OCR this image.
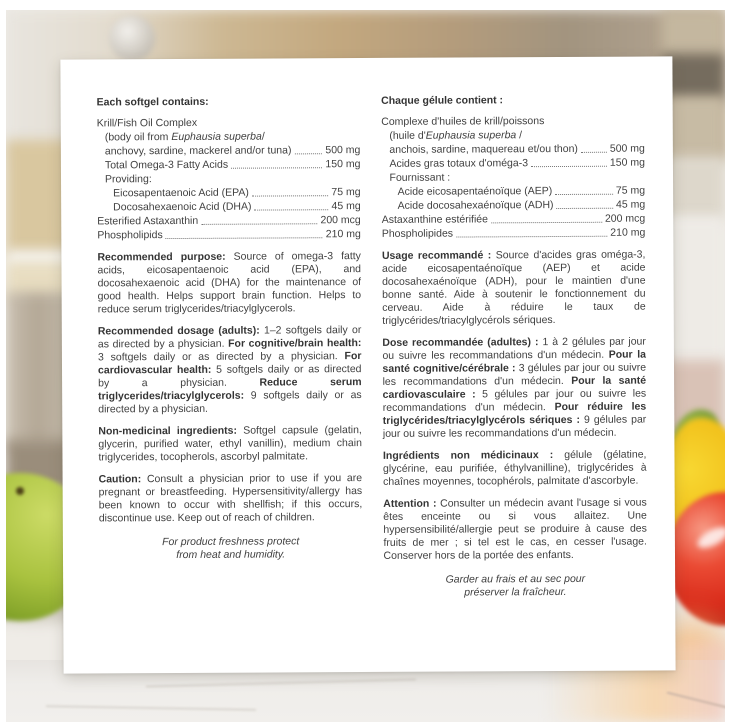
Each softgel contains:
Krill/Fish Oil Complex
(body oil from Euphausia superba/
anchovy, sardine, mackerel and/or tuna)	500 mg
Total Omega-3 Fatty Acids	150 mg
Providing:
Eicosapentaenoic Acid (EPA)	75 mg
Docosahexaenoic Acid (DHA)	45 mg
Esterified Astaxanthin	200 mcg
Phospholipids	210 mg

Recommended purpose: Source of omega-3 fatty acids, eicosapentaenoic acid (EPA), and docosahexaenoic acid (DHA) for the maintenance of good health. Helps support brain function. Helps to reduce serum triglycerides/triacylglycerols.

Recommended dosage (adults): 1–2 softgels daily or as directed by a physician. For cognitive/brain health: 3 softgels daily or as directed by a physician. For cardiovascular health: 5 softgels daily or as directed by a physician. Reduce serum triglycerides/triacylglycerols: 9 softgels daily or as directed by a physician.

Non-medicinal ingredients: Softgel capsule (gelatin, glycerin, purified water, ethyl vanillin), medium chain triglycerides, tocopherols, ascorbyl palmitate.

Caution: Consult a physician prior to use if you are pregnant or breastfeeding. Hypersensitivity/allergy has been known to occur with shellfish; if this occurs, discontinue use. Keep out of reach of children.

For product freshness protect
from heat and humidity.
Chaque gélule contient :
Complexe d'huiles de krill/poissons
(huile d'Euphausia superba /
anchois, sardine, maquereau et/ou thon)	500 mg
Acides gras totaux d'oméga-3	150 mg
Fournissant :
Acide eicosapentaénoïque (AEP)	75 mg
Acide docosahexaénoïque (ADH)	45 mg
Astaxanthine estérifiée	200 mcg
Phospholipides	210 mg

Usage recommandé : Source d'acides gras oméga-3, acide eicosapentaénoïque (AEP) et acide docosahexaénoïque (ADH), pour le maintien d'une bonne santé. Aide à soutenir le fonctionnement du cerveau. Aide à réduire le taux de triglycérides/triacylglycérols sériques.

Dose recommandée (adultes) : 1 à 2 gélules par jour ou suivre les recommandations d'un médecin. Pour la santé cognitive/cérébrale : 3 gélules par jour ou suivre les recommandations d'un médecin. Pour la santé cardiovasculaire : 5 gélules par jour ou suivre les recommandations d'un médecin. Pour réduire les triglycérides/triacylglycérols sériques : 9 gélules par jour ou suivre les recommandations d'un médecin.

Ingrédients non médicinaux : gélule (gélatine, glycérine, eau purifiée, éthylvanilline), triglycérides à chaînes moyennes, tocophérols, palmitate d'ascorbyle.

Attention : Consulter un médecin avant l'usage si vous êtes enceinte ou si vous allaitez. Une hypersensibilité/allergie peut se produire à cause des fruits de mer ; si tel est le cas, en cesser l'usage. Conserver hors de la portée des enfants.

Garder au frais et au sec pour
préserver la fraîcheur.
